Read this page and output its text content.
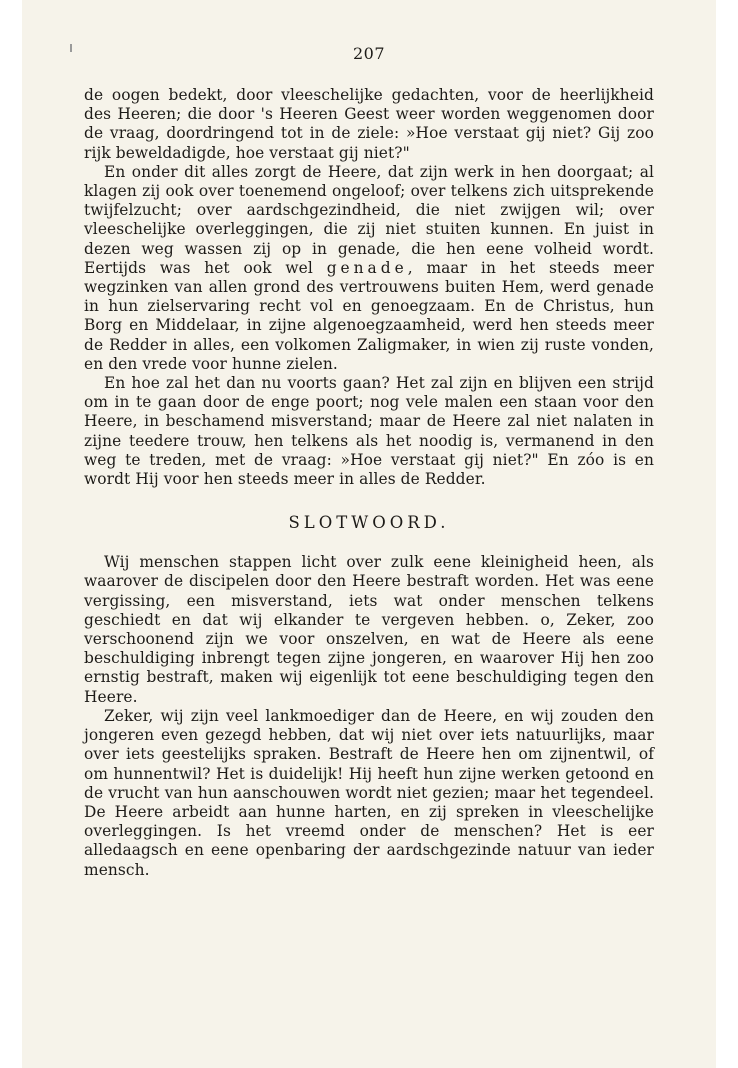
207

de oogen bedekt, door vleeschelijke gedachten, voor de heerlijkheid des Heeren; die door 's Heeren Geest weer worden weggenomen door de vraag, doordringend tot in de ziele: »Hoe verstaat gij niet? Gij zoo rijk beweldadigde, hoe verstaat gij niet?"

En onder dit alles zorgt de Heere, dat zijn werk in hen doorgaat; al klagen zij ook over toenemend ongeloof; over telkens zich uitsprekende twijfelzucht; over aardschgezindheid, die niet zwijgen wil; over vleeschelijke overleggingen, die zij niet stuiten kunnen. En juist in dezen weg wassen zij op in genade, die hen eene volheid wordt. Eertijds was het ook wel genade, maar in het steeds meer wegzinken van allen grond des vertrouwens buiten Hem, werd genade in hun zielservaring recht vol en genoegzaam. En de Christus, hun Borg en Middelaar, in zijne algenoegzaamheid, werd hen steeds meer de Redder in alles, een volkomen Zaligmaker, in wien zij ruste vonden, en den vrede voor hunne zielen.

En hoe zal het dan nu voorts gaan? Het zal zijn en blijven een strijd om in te gaan door de enge poort; nog vele malen een staan voor den Heere, in beschamend misverstand; maar de Heere zal niet nalaten in zijne teedere trouw, hen telkens als het noodig is, vermanend in den weg te treden, met de vraag: »Hoe verstaat gij niet?" En zóo is en wordt Hij voor hen steeds meer in alles de Redder.

SLOTWOORD.

Wij menschen stappen licht over zulk eene kleinigheid heen, als waarover de discipelen door den Heere bestraft worden. Het was eene vergissing, een misverstand, iets wat onder menschen telkens geschiedt en dat wij elkander te vergeven hebben. o, Zeker, zoo verschoonend zijn we voor onszelven, en wat de Heere als eene beschuldiging inbrengt tegen zijne jongeren, en waarover Hij hen zoo ernstig bestraft, maken wij eigenlijk tot eene beschuldiging tegen den Heere.

Zeker, wij zijn veel lankmoediger dan de Heere, en wij zouden den jongeren even gezegd hebben, dat wij niet over iets natuurlijks, maar over iets geestelijks spraken. Bestraft de Heere hen om zijnentwil, of om hunnentwil? Het is duidelijk! Hij heeft hun zijne werken getoond en de vrucht van hun aanschouwen wordt niet gezien; maar het tegendeel. De Heere arbeidt aan hunne harten, en zij spreken in vleeschelijke overleggingen. Is het vreemd onder de menschen? Het is eer alledaagsch en eene openbaring der aardschgezinde natuur van ieder mensch.
